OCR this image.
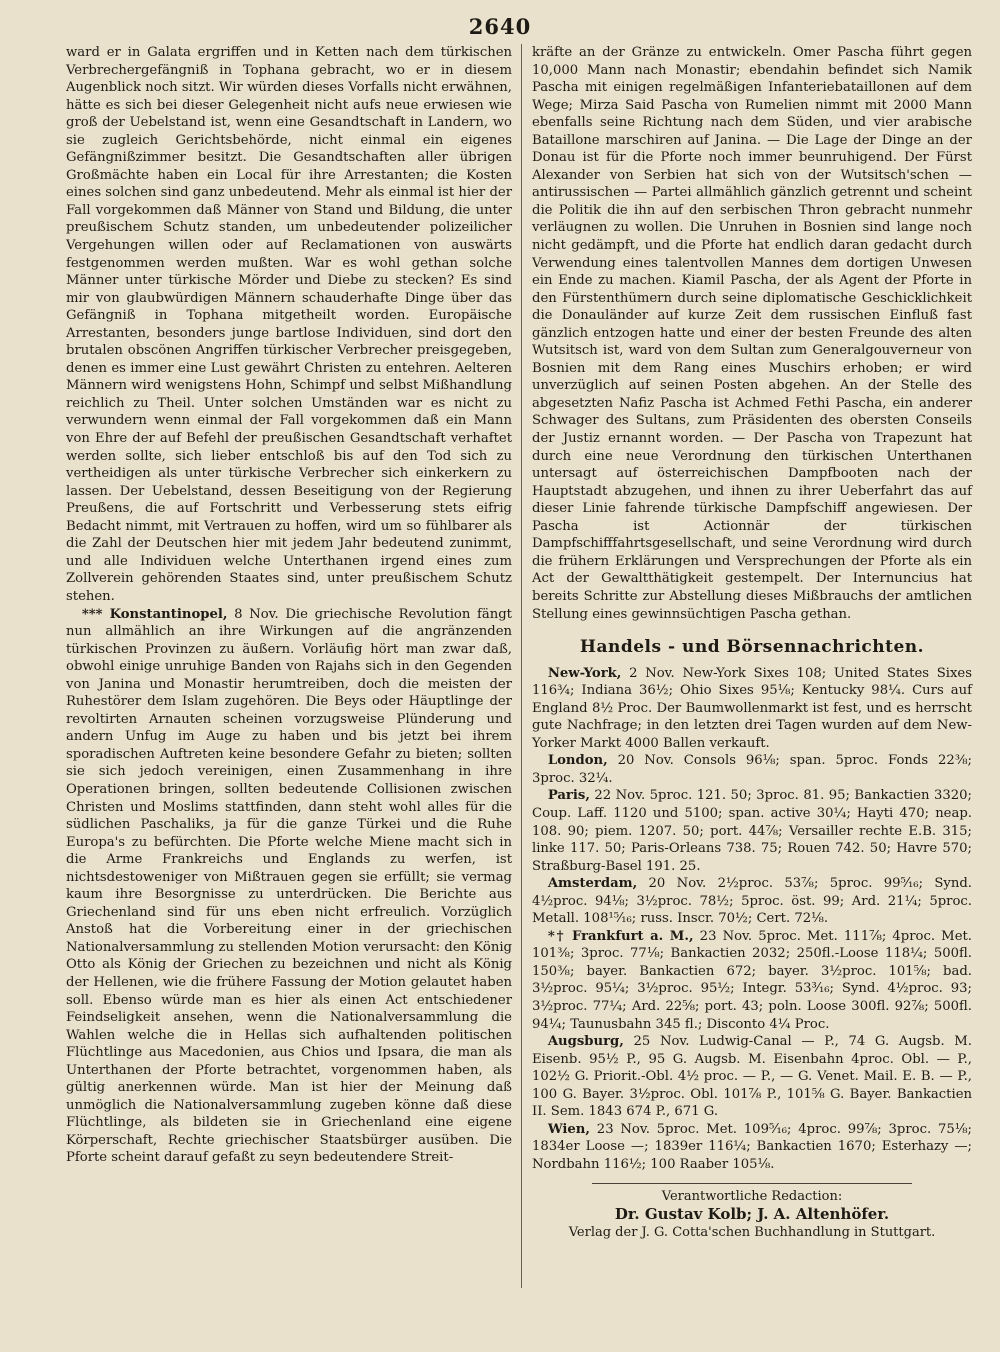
2640

ward er in Galata ergriffen und in Ketten nach dem türkischen Verbrechergefängniß in Tophana gebracht, wo er in diesem Augenblick noch sitzt. Wir würden dieses Vorfalls nicht erwähnen, hätte es sich bei dieser Gelegenheit nicht aufs neue erwiesen wie groß der Uebelstand ist, wenn eine Gesandtschaft in Landern, wo sie zugleich Gerichtsbehörde, nicht einmal ein eigenes Gefängnißzimmer besitzt. Die Gesandtschaften aller übrigen Großmächte haben ein Local für ihre Arrestanten; die Kosten eines solchen sind ganz unbedeutend. Mehr als einmal ist hier der Fall vorgekommen daß Männer von Stand und Bildung, die unter preußischem Schutz standen, um unbedeutender polizeilicher Vergehungen willen oder auf Reclamationen von auswärts festgenommen werden mußten. War es wohl gethan solche Männer unter türkische Mörder und Diebe zu stecken? Es sind mir von glaubwürdigen Männern schauderhafte Dinge über das Gefängniß in Tophana mitgetheilt worden. Europäische Arrestanten, besonders junge bartlose Individuen, sind dort den brutalen obscönen Angriffen türkischer Verbrecher preisgegeben, denen es immer eine Lust gewährt Christen zu entehren. Aelteren Männern wird wenigstens Hohn, Schimpf und selbst Mißhandlung reichlich zu Theil. Unter solchen Umständen war es nicht zu verwundern wenn einmal der Fall vorgekommen daß ein Mann von Ehre der auf Befehl der preußischen Gesandtschaft verhaftet werden sollte, sich lieber entschloß bis auf den Tod sich zu vertheidigen als unter türkische Verbrecher sich einkerkern zu lassen. Der Uebelstand, dessen Beseitigung von der Regierung Preußens, die auf Fortschritt und Verbesserung stets eifrig Bedacht nimmt, mit Vertrauen zu hoffen, wird um so fühlbarer als die Zahl der Deutschen hier mit jedem Jahr bedeutend zunimmt, und alle Individuen welche Unterthanen irgend eines zum Zollverein gehörenden Staates sind, unter preußischem Schutz stehen.

*** Konstantinopel, 8 Nov. Die griechische Revolution fängt nun allmählich an ihre Wirkungen auf die angränzenden türkischen Provinzen zu äußern. Vorläufig hört man zwar daß, obwohl einige unruhige Banden von Rajahs sich in den Gegenden von Janina und Monastir herumtreiben, doch die meisten der Ruhestörer dem Islam zugehören. Die Beys oder Häuptlinge der revoltirten Arnauten scheinen vorzugsweise Plünderung und andern Unfug im Auge zu haben und bis jetzt bei ihrem sporadischen Auftreten keine besondere Gefahr zu bieten; sollten sie sich jedoch vereinigen, einen Zusammenhang in ihre Operationen bringen, sollten bedeutende Collisionen zwischen Christen und Moslims stattfinden, dann steht wohl alles für die südlichen Paschaliks, ja für die ganze Türkei und die Ruhe Europa's zu befürchten. Die Pforte welche Miene macht sich in die Arme Frankreichs und Englands zu werfen, ist nichtsdestoweniger von Mißtrauen gegen sie erfüllt; sie vermag kaum ihre Besorgnisse zu unterdrücken. Die Berichte aus Griechenland sind für uns eben nicht erfreulich. Vorzüglich Anstoß hat die Vorbereitung einer in der griechischen Nationalversammlung zu stellenden Motion verursacht: den König Otto als König der Griechen zu bezeichnen und nicht als König der Hellenen, wie die frühere Fassung der Motion gelautet haben soll. Ebenso würde man es hier als einen Act entschiedener Feindseligkeit ansehen, wenn die Nationalversammlung die Wahlen welche die in Hellas sich aufhaltenden politischen Flüchtlinge aus Macedonien, aus Chios und Ipsara, die man als Unterthanen der Pforte betrachtet, vorgenommen haben, als gültig anerkennen würde. Man ist hier der Meinung daß unmöglich die Nationalversammlung zugeben könne daß diese Flüchtlinge, als bildeten sie in Griechenland eine eigene Körperschaft, Rechte griechischer Staatsbürger ausüben. Die Pforte scheint darauf gefaßt zu seyn bedeutendere Streit-

kräfte an der Gränze zu entwickeln. Omer Pascha führt gegen 10,000 Mann nach Monastir; ebendahin befindet sich Namik Pascha mit einigen regelmäßigen Infanteriebataillonen auf dem Wege; Mirza Said Pascha von Rumelien nimmt mit 2000 Mann ebenfalls seine Richtung nach dem Süden, und vier arabische Bataillone marschiren auf Janina. — Die Lage der Dinge an der Donau ist für die Pforte noch immer beunruhigend. Der Fürst Alexander von Serbien hat sich von der Wutsitsch'schen — antirussischen — Partei allmählich gänzlich getrennt und scheint die Politik die ihn auf den serbischen Thron gebracht nunmehr verläugnen zu wollen. Die Unruhen in Bosnien sind lange noch nicht gedämpft, und die Pforte hat endlich daran gedacht durch Verwendung eines talentvollen Mannes dem dortigen Unwesen ein Ende zu machen. Kiamil Pascha, der als Agent der Pforte in den Fürstenthümern durch seine diplomatische Geschicklichkeit die Donauländer auf kurze Zeit dem russischen Einfluß fast gänzlich entzogen hatte und einer der besten Freunde des alten Wutsitsch ist, ward von dem Sultan zum Generalgouverneur von Bosnien mit dem Rang eines Muschirs erhoben; er wird unverzüglich auf seinen Posten abgehen. An der Stelle des abgesetzten Nafiz Pascha ist Achmed Fethi Pascha, ein anderer Schwager des Sultans, zum Präsidenten des obersten Conseils der Justiz ernannt worden. — Der Pascha von Trapezunt hat durch eine neue Verordnung den türkischen Unterthanen untersagt auf österreichischen Dampfbooten nach der Hauptstadt abzugehen, und ihnen zu ihrer Ueberfahrt das auf dieser Linie fahrende türkische Dampfschiff angewiesen. Der Pascha ist Actionnär der türkischen Dampfschifffahrtsgesellschaft, und seine Verordnung wird durch die frühern Erklärungen und Versprechungen der Pforte als ein Act der Gewaltthätigkeit gestempelt. Der Internuncius hat bereits Schritte zur Abstellung dieses Mißbrauchs der amtlichen Stellung eines gewinnsüchtigen Pascha gethan.

Handels - und Börsennachrichten.

New-York, 2 Nov. New-York Sixes 108; United States Sixes 116¾; Indiana 36½; Ohio Sixes 95⅛; Kentucky 98¼. Curs auf England 8½ Proc. Der Baumwollenmarkt ist fest, und es herrscht gute Nachfrage; in den letzten drei Tagen wurden auf dem New-Yorker Markt 4000 Ballen verkauft.

London, 20 Nov. Consols 96⅛; span. 5proc. Fonds 22⅜; 3proc. 32¼.

Paris, 22 Nov. 5proc. 121. 50; 3proc. 81. 95; Bankactien 3320; Coup. Laff. 1120 und 5100; span. active 30¼; Hayti 470; neap. 108. 90; piem. 1207. 50; port. 44⅞; Versailler rechte E.B. 315; linke 117. 50; Paris-Orleans 738. 75; Rouen 742. 50; Havre 570; Straßburg-Basel 191. 25.

Amsterdam, 20 Nov. 2½proc. 53⅞; 5proc. 99⁵⁄₁₆; Synd. 4½proc. 94⅛; 3½proc. 78½; 5proc. öst. 99; Ard. 21¼; 5proc. Metall. 108¹⁵⁄₁₆; russ. Inscr. 70½; Cert. 72⅛.

*† Frankfurt a. M., 23 Nov. 5proc. Met. 111⅞; 4proc. Met. 101⅜; 3proc. 77⅛; Bankactien 2032; 250fl.-Loose 118¼; 500fl. 150⅜; bayer. Bankactien 672; bayer. 3½proc. 101⅝; bad. 3½proc. 95¼; 3½proc. 95½; Integr. 53³⁄₁₆; Synd. 4½proc. 93; 3½proc. 77¼; Ard. 22⅝; port. 43; poln. Loose 300fl. 92⅞; 500fl. 94¼; Taunusbahn 345 fl.; Disconto 4¼ Proc.

Augsburg, 25 Nov. Ludwig-Canal — P., 74 G. Augsb. M. Eisenb. 95½ P., 95 G. Augsb. M. Eisenbahn 4proc. Obl. — P., 102½ G. Priorit.-Obl. 4½ proc. — P., — G. Venet. Mail. E. B. — P., 100 G. Bayer. 3½proc. Obl. 101⅞ P., 101⅝ G. Bayer. Bankactien II. Sem. 1843 674 P., 671 G.

Wien, 23 Nov. 5proc. Met. 109⁵⁄₁₆; 4proc. 99⅞; 3proc. 75⅛; 1834er Loose —; 1839er 116¼; Bankactien 1670; Esterhazy —; Nordbahn 116½; 100 Raaber 105⅛.

Verantwortliche Redaction:
Dr. Gustav Kolb; J. A. Altenhöfer.
Verlag der J. G. Cotta'schen Buchhandlung in Stuttgart.
